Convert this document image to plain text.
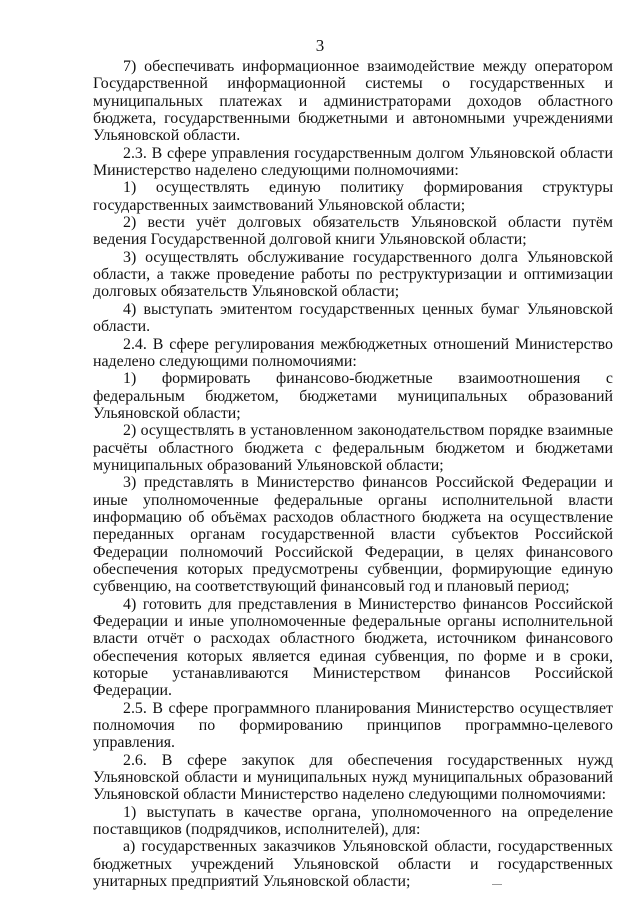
3

7) обеспечивать информационное взаимодействие между оператором Государственной информационной системы о государственных и муниципальных платежах и администраторами доходов областного бюджета, государственными бюджетными и автономными учреждениями Ульяновской области.

2.3. В сфере управления государственным долгом Ульяновской области Министерство наделено следующими полномочиями:

1) осуществлять единую политику формирования структуры государственных заимствований Ульяновской области;

2) вести учёт долговых обязательств Ульяновской области путём ведения Государственной долговой книги Ульяновской области;

3) осуществлять обслуживание государственного долга Ульяновской области, а также проведение работы по реструктуризации и оптимизации долговых обязательств Ульяновской области;

4) выступать эмитентом государственных ценных бумаг Ульяновской области.

2.4. В сфере регулирования межбюджетных отношений Министерство наделено следующими полномочиями:

1) формировать финансово-бюджетные взаимоотношения с федеральным бюджетом, бюджетами муниципальных образований Ульяновской области;

2) осуществлять в установленном законодательством порядке взаимные расчёты областного бюджета с федеральным бюджетом и бюджетами муниципальных образований Ульяновской области;

3) представлять в Министерство финансов Российской Федерации и иные уполномоченные федеральные органы исполнительной власти информацию об объёмах расходов областного бюджета на осуществление переданных органам государственной власти субъектов Российской Федерации полномочий Российской Федерации, в целях финансового обеспечения которых предусмотрены субвенции, формирующие единую субвенцию, на соответствующий финансовый год и плановый период;

4) готовить для представления в Министерство финансов Российской Федерации и иные уполномоченные федеральные органы исполнительной власти отчёт о расходах областного бюджета, источником финансового обеспечения которых является единая субвенция, по форме и в сроки, которые устанавливаются Министерством финансов Российской Федерации.

2.5. В сфере программного планирования Министерство осуществляет полномочия по формированию принципов программно-целевого управления.

2.6. В сфере закупок для обеспечения государственных нужд Ульяновской области и муниципальных нужд муниципальных образований Ульяновской области Министерство наделено следующими полномочиями:

1) выступать в качестве органа, уполномоченного на определение поставщиков (подрядчиков, исполнителей), для:

а) государственных заказчиков Ульяновской области, государственных бюджетных учреждений Ульяновской области и государственных унитарных предприятий Ульяновской области;
